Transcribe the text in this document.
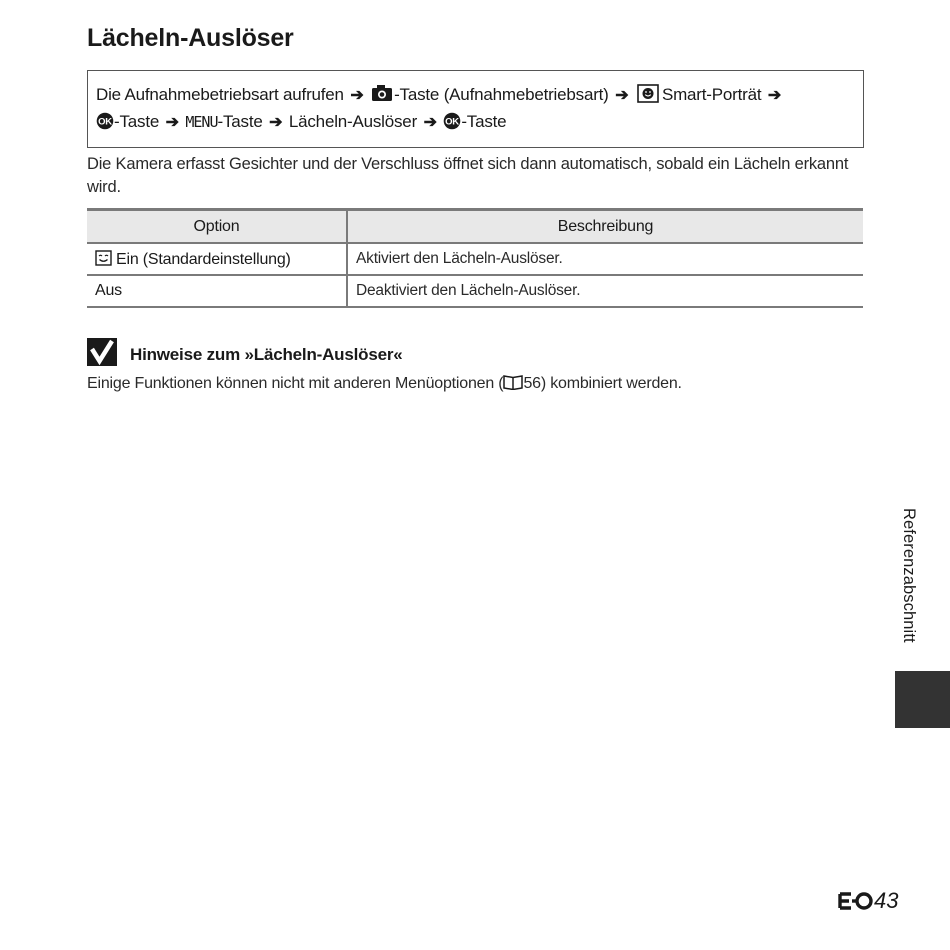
Lächeln-Auslöser
Die Aufnahmebetriebsart aufrufen ➔ -Taste (Aufnahmebetriebsart) ➔ Smart-Porträt ➔
OK -Taste ➔ MENU-Taste ➔ Lächeln-Auslöser ➔ OK -Taste

Die Kamera erfasst Gesichter und der Verschluss öffnet sich dann automatisch, sobald ein Lächeln erkannt wird.

Option	Beschreibung
Ein (Standardeinstellung)	Aktiviert den Lächeln-Auslöser.
Aus	Deaktiviert den Lächeln-Auslöser.
Hinweise zum »Lächeln-Auslöser«

Einige Funktionen können nicht mit anderen Menüoptionen ( 56) kombiniert werden.

Referenzabschnitt
43
